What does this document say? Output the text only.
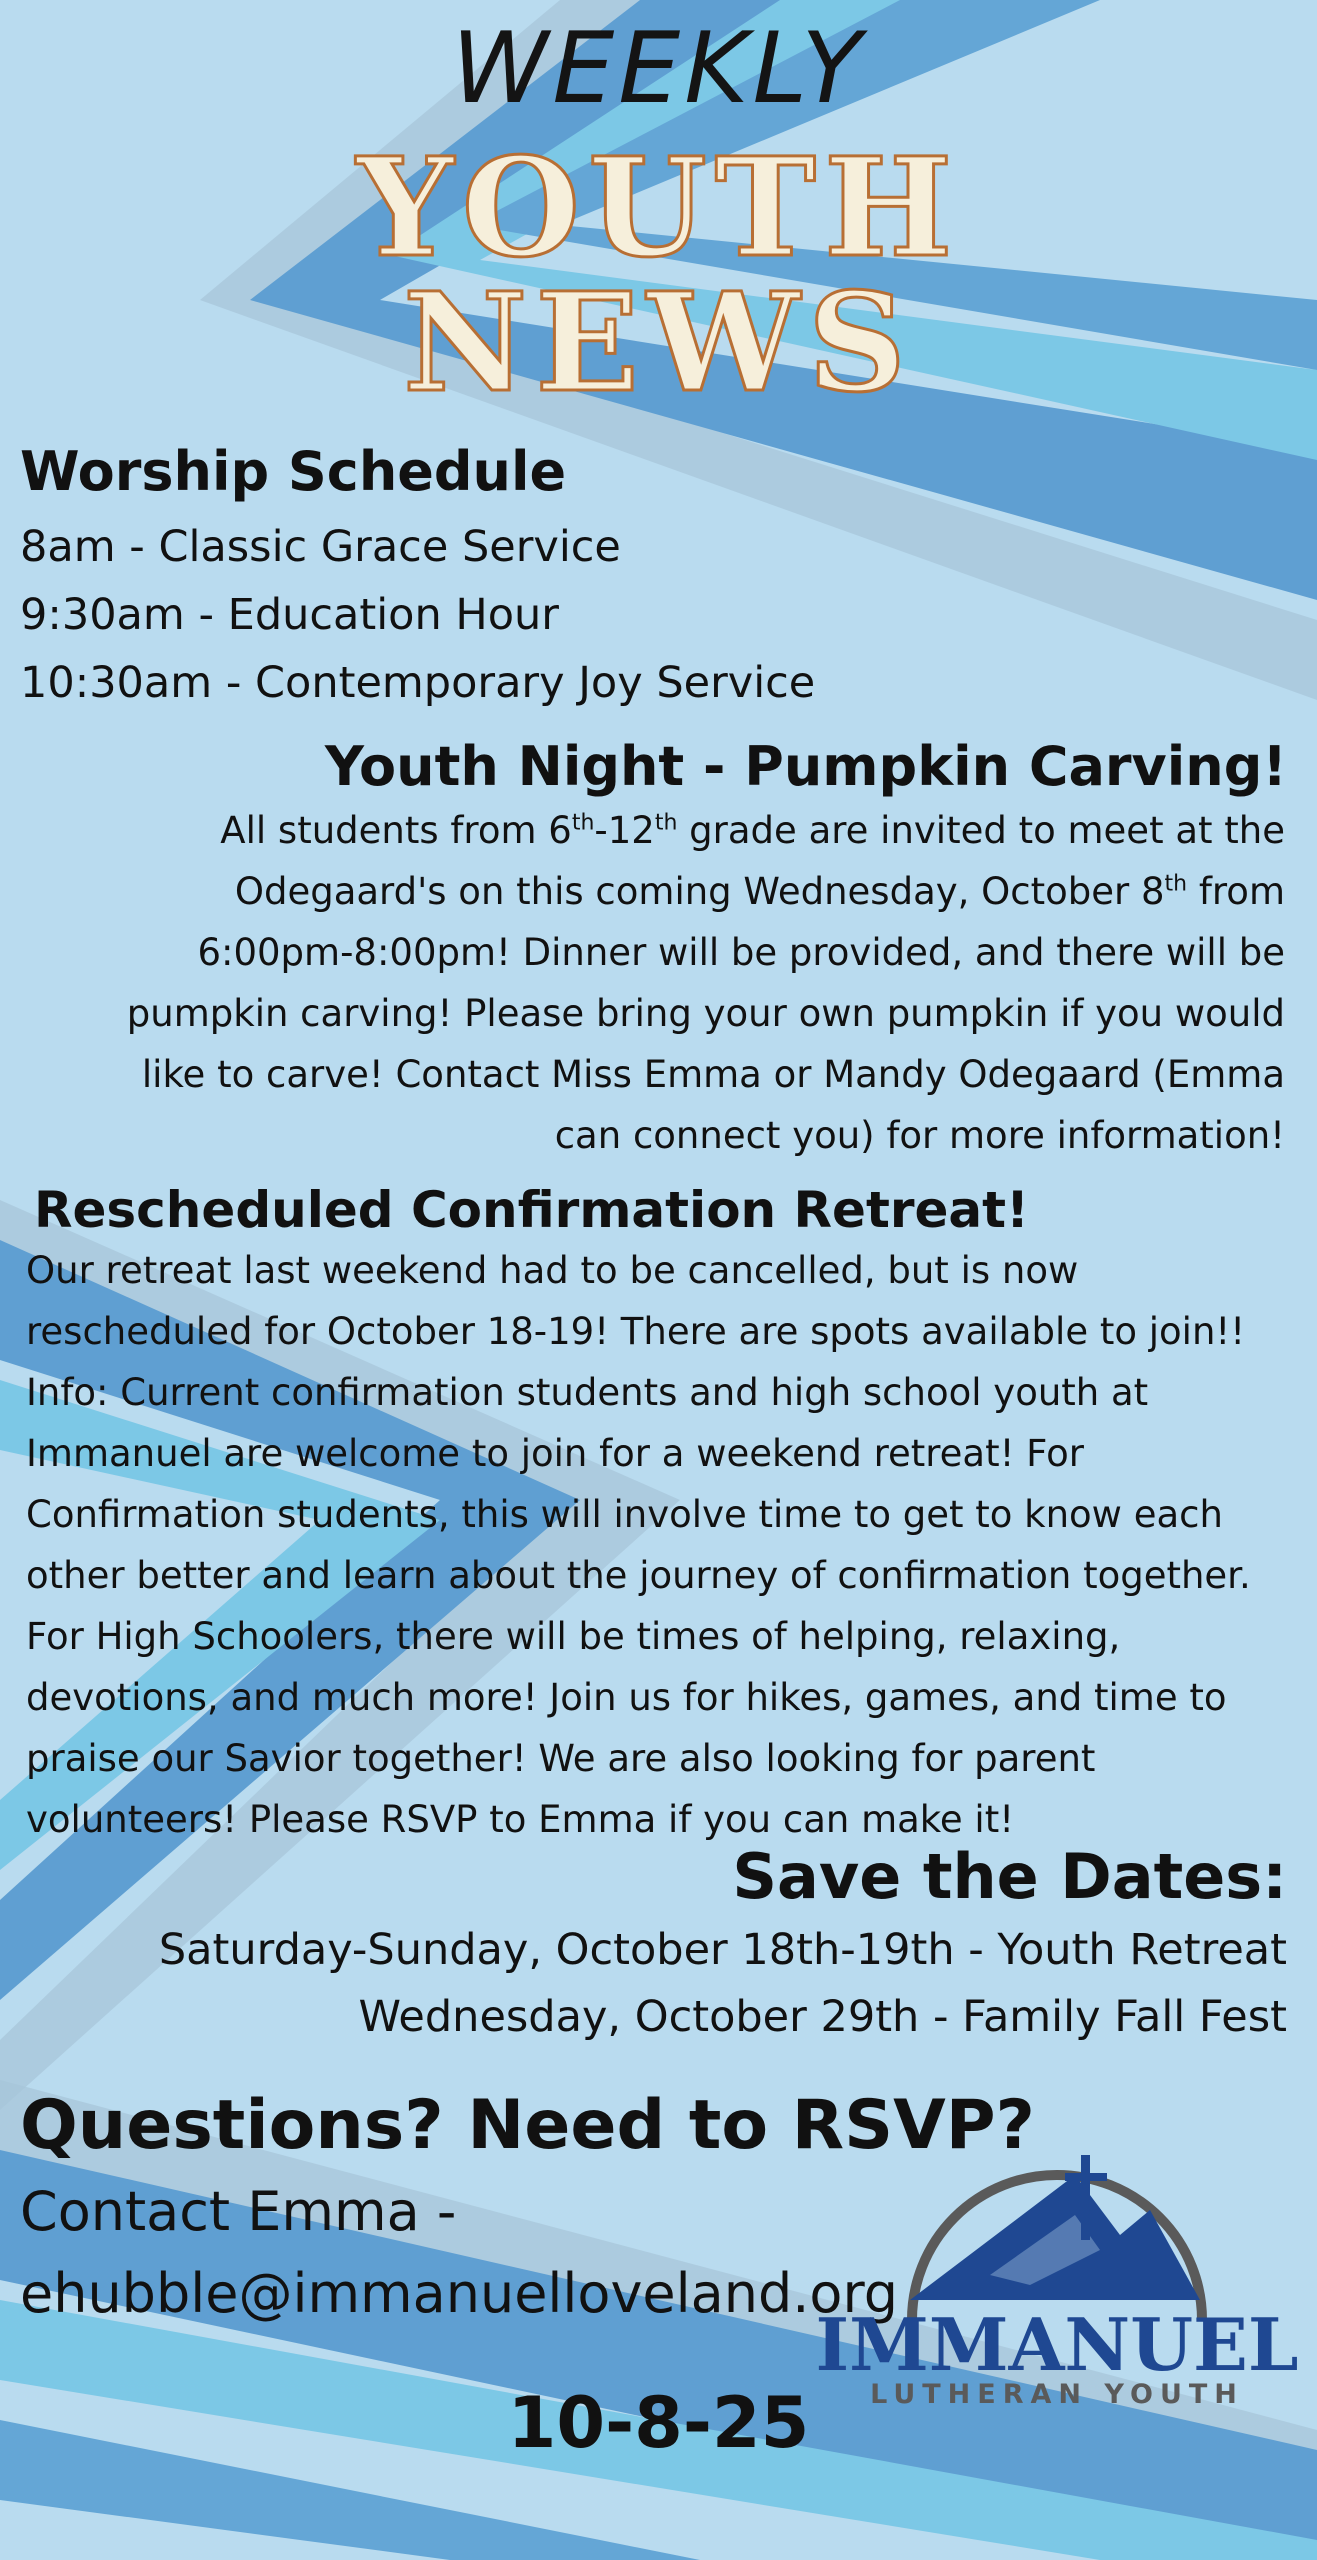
WEEKLY
YOUTH
NEWS
Worship Schedule
8am - Classic Grace Service
9:30am - Education Hour
10:30am - Contemporary Joy Service
Youth Night - Pumpkin Carving!

All students from 6th-12th grade are invited to meet at the Odegaard's on this coming Wednesday, October 8th from 6:00pm-8:00pm! Dinner will be provided, and there will be pumpkin carving! Please bring your own pumpkin if you would like to carve! Contact Miss Emma or Mandy Odegaard (Emma can connect you) for more information!

Rescheduled Confirmation Retreat!

Our retreat last weekend had to be cancelled, but is now rescheduled for October 18-19! There are spots available to join!! Info: Current confirmation students and high school youth at Immanuel are welcome to join for a weekend retreat! For Confirmation students, this will involve time to get to know each other better and learn about the journey of confirmation together. For High Schoolers, there will be times of helping, relaxing, devotions, and much more! Join us for hikes, games, and time to praise our Savior together! We are also looking for parent volunteers! Please RSVP to Emma if you can make it!

Save the Dates:
Saturday-Sunday, October 18th-19th - Youth Retreat
Wednesday, October 29th - Family Fall Fest
Questions? Need to RSVP?
Contact Emma -
ehubble@immanuelloveland.org
IMMANUEL
LUTHERAN YOUTH
10-8-25
